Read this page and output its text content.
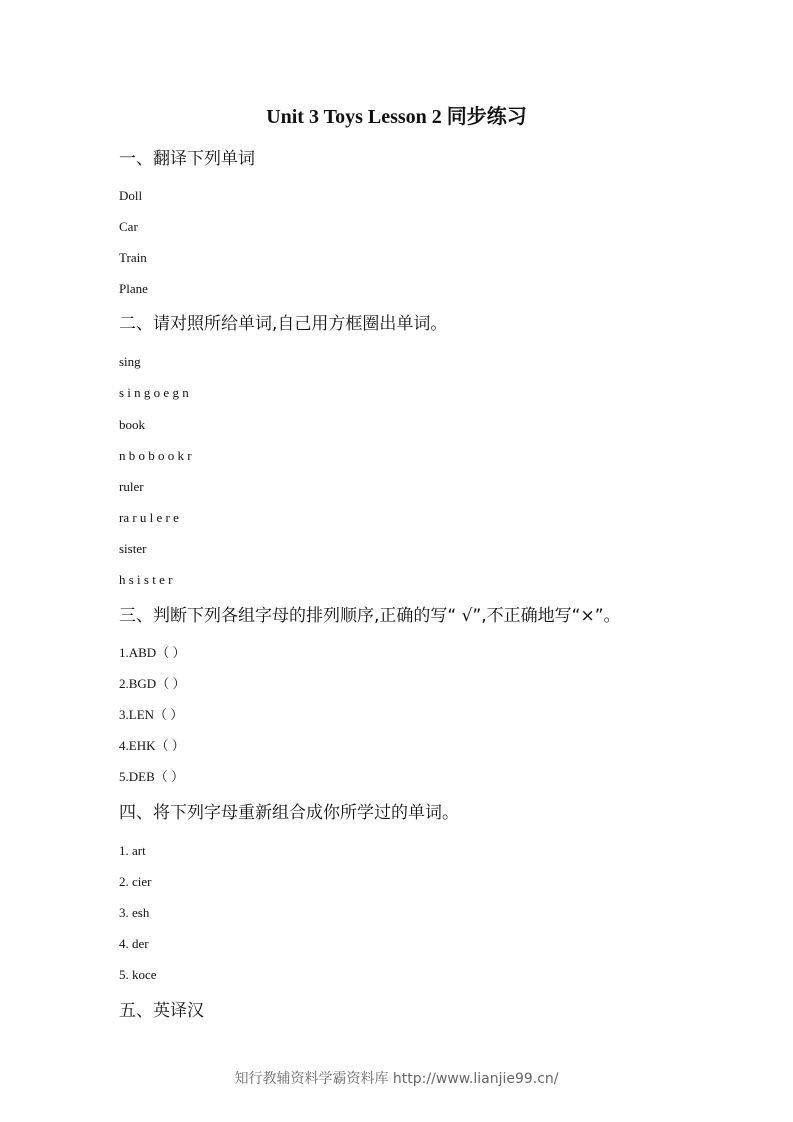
Unit 3 Toys Lesson 2 同步练习
一、翻译下列单词
Doll
Car
Train
Plane
二、请对照所给单词,自己用方框圈出单词。
sing
s i n g o e g n
book
n b o b o o k r
ruler
ra r u l e r e
sister
h s i s t e r
三、判断下列各组字母的排列顺序,正确的写“ √”,不正确地写“×”。
1.ABD（ ）
2.BGD（ ）
3.LEN（ ）
4.EHK（ ）
5.DEB（ ）
四、将下列字母重新组合成你所学过的单词。
1. art
2. cier
3. esh
4. der
5. koce
五、英译汉
知行教辅资料学霸资料库 http://www.lianjie99.cn/
